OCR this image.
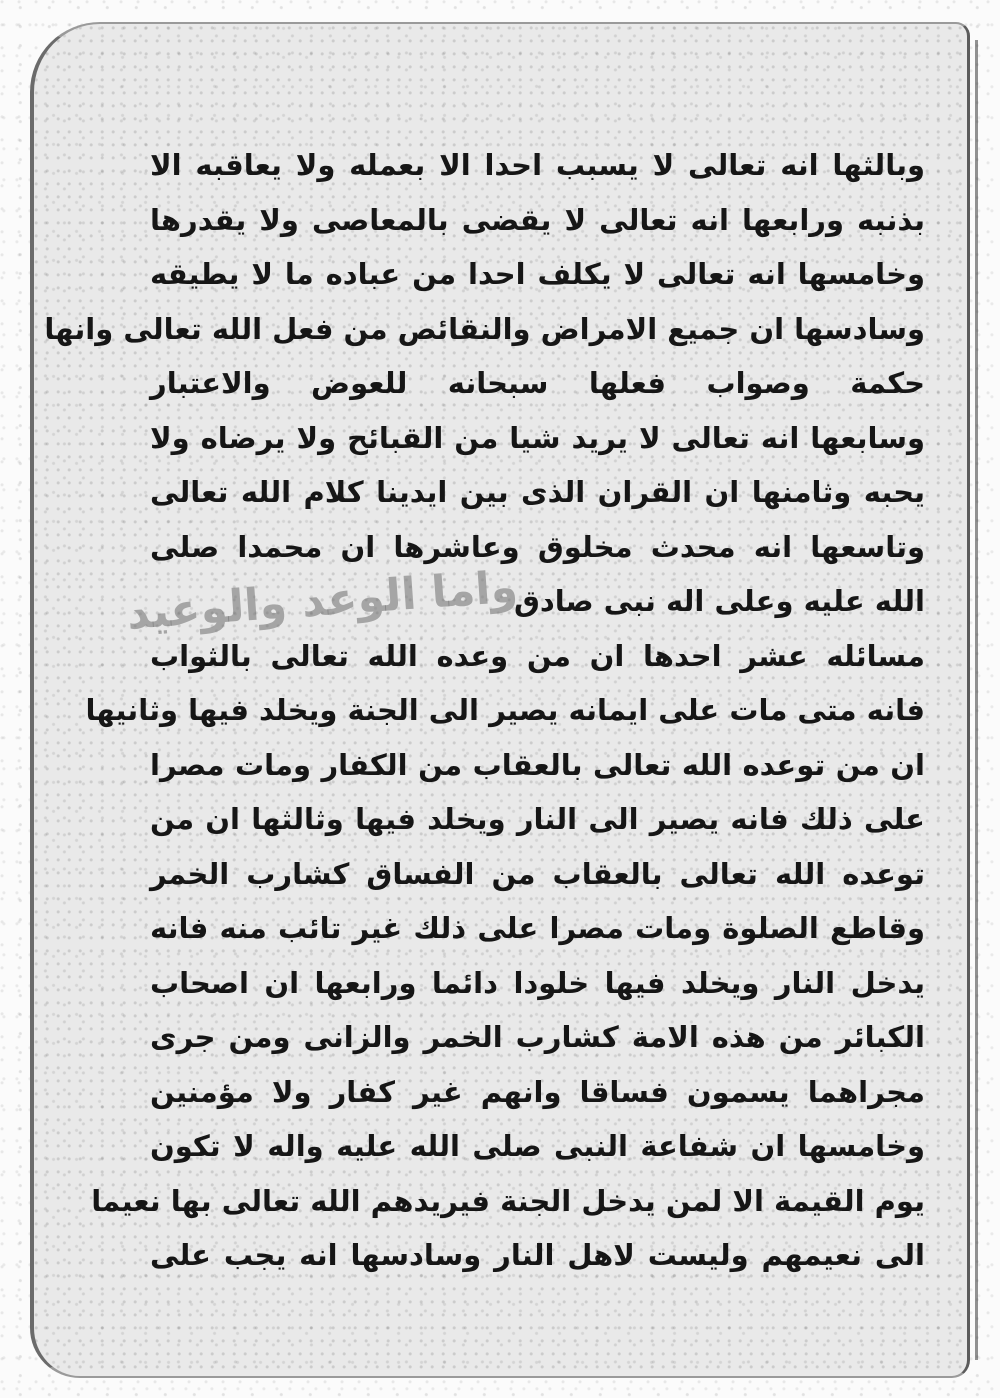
واما الوعد والوعيد
وبالثها انه تعالى لا يسبب احدا الا بعمله ولا يعاقبه الا
بذنبه ورابعها انه تعالى لا يقضى بالمعاصى ولا يقدرها
وخامسها انه تعالى لا يكلف احدا من عباده ما لا يطيقه
وسادسها ان جميع الامراض والنقائص من فعل الله تعالى وانها
حكمة وصواب فعلها سبحانه للعوض والاعتبار
وسابعها انه تعالى لا يريد شيا من القبائح ولا يرضاه ولا
يحبه وثامنها ان القران الذى بين ايدينا كلام الله تعالى
وتاسعها انه محدث مخلوق وعاشرها ان محمدا صلى
الله عليه وعلى اله نبى صادق
مسائله عشر احدها ان من وعده الله تعالى بالثواب
فانه متى مات على ايمانه يصير الى الجنة ويخلد فيها وثانيها
ان من توعده الله تعالى بالعقاب من الكفار ومات مصرا
على ذلك فانه يصير الى النار ويخلد فيها وثالثها ان من
توعده الله تعالى بالعقاب من الفساق كشارب الخمر
وقاطع الصلوة ومات مصرا على ذلك غير تائب منه فانه
يدخل النار ويخلد فيها خلودا دائما ورابعها ان اصحاب
الكبائر من هذه الامة كشارب الخمر والزانى ومن جرى
مجراهما يسمون فساقا وانهم غير كفار ولا مؤمنين
وخامسها ان شفاعة النبى صلى الله عليه واله لا تكون
يوم القيمة الا لمن يدخل الجنة فيريدهم الله تعالى بها نعيما
الى نعيمهم وليست لاهل النار وسادسها انه يجب على
